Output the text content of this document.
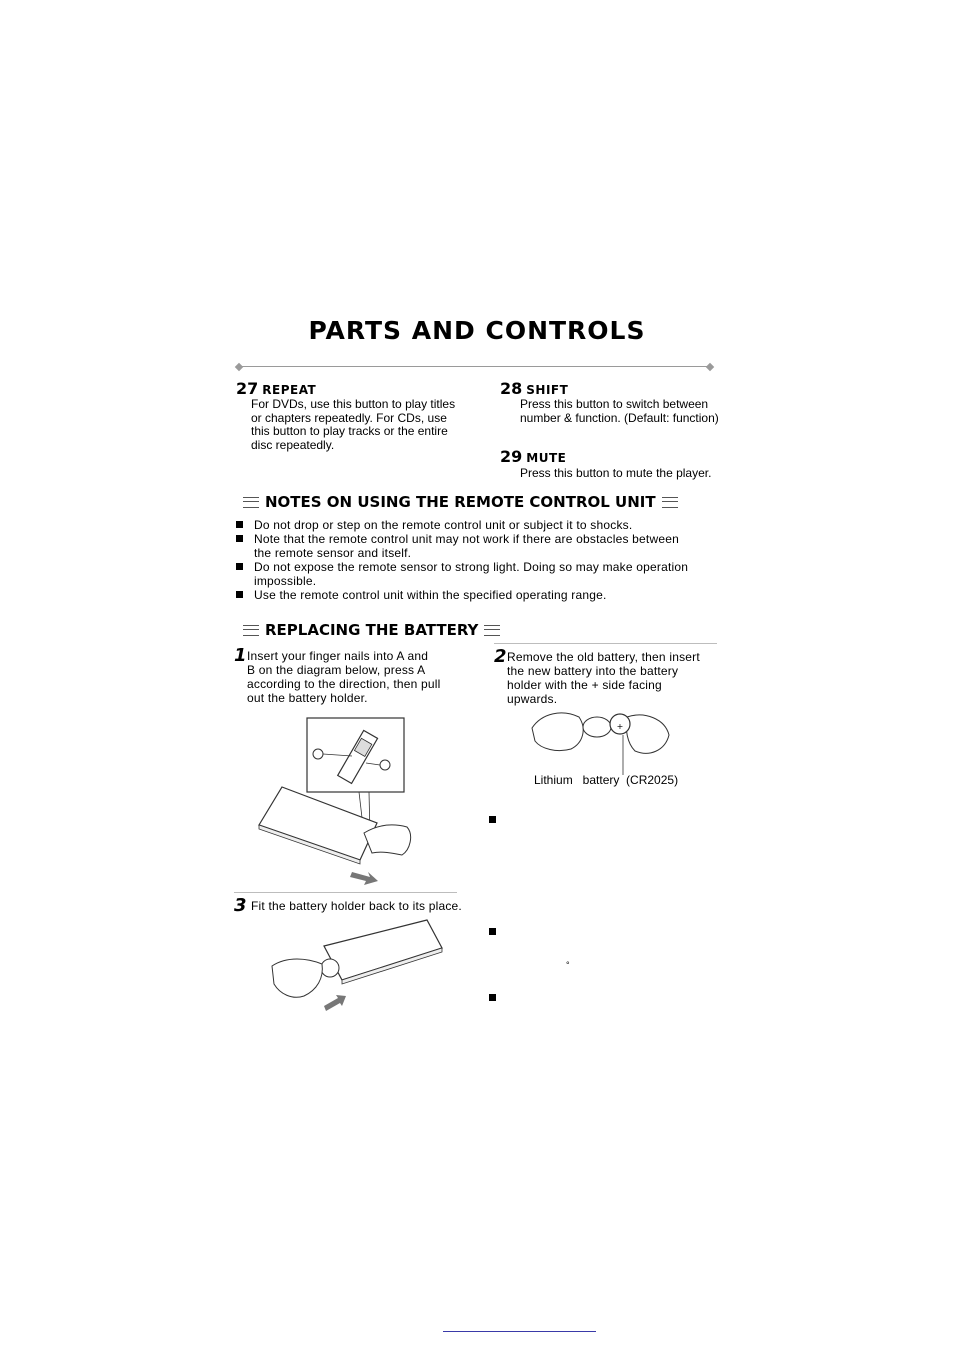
PARTS AND CONTROLS
27 REPEAT
For DVDs, use this button to play titles
or chapters repeatedly. For CDs, use
this button to play tracks or the entire
disc repeatedly.
28 SHIFT
Press this button to switch between
number & function. (Default: function)
29 MUTE
Press this button to mute the player.
NOTES ON USING THE REMOTE CONTROL UNIT
Do not drop or step on the remote control unit or subject it to shocks.
Note that the remote control unit may not work if there are obstacles between
the remote sensor and itself.
Do not expose the remote sensor to strong light. Doing so may make operation
impossible.
Use the remote control unit within the specified operating range.
REPLACING THE BATTERY
1 Insert your finger nails into A and
B on the diagram below, press A
according to the direction, then pull
out the battery holder.
3 Fit the battery holder back to its place.
2 Remove the old battery, then insert
the new battery into the battery
holder with the + side facing
upwards.
+
Lithium   battery  (CR2025)
°
